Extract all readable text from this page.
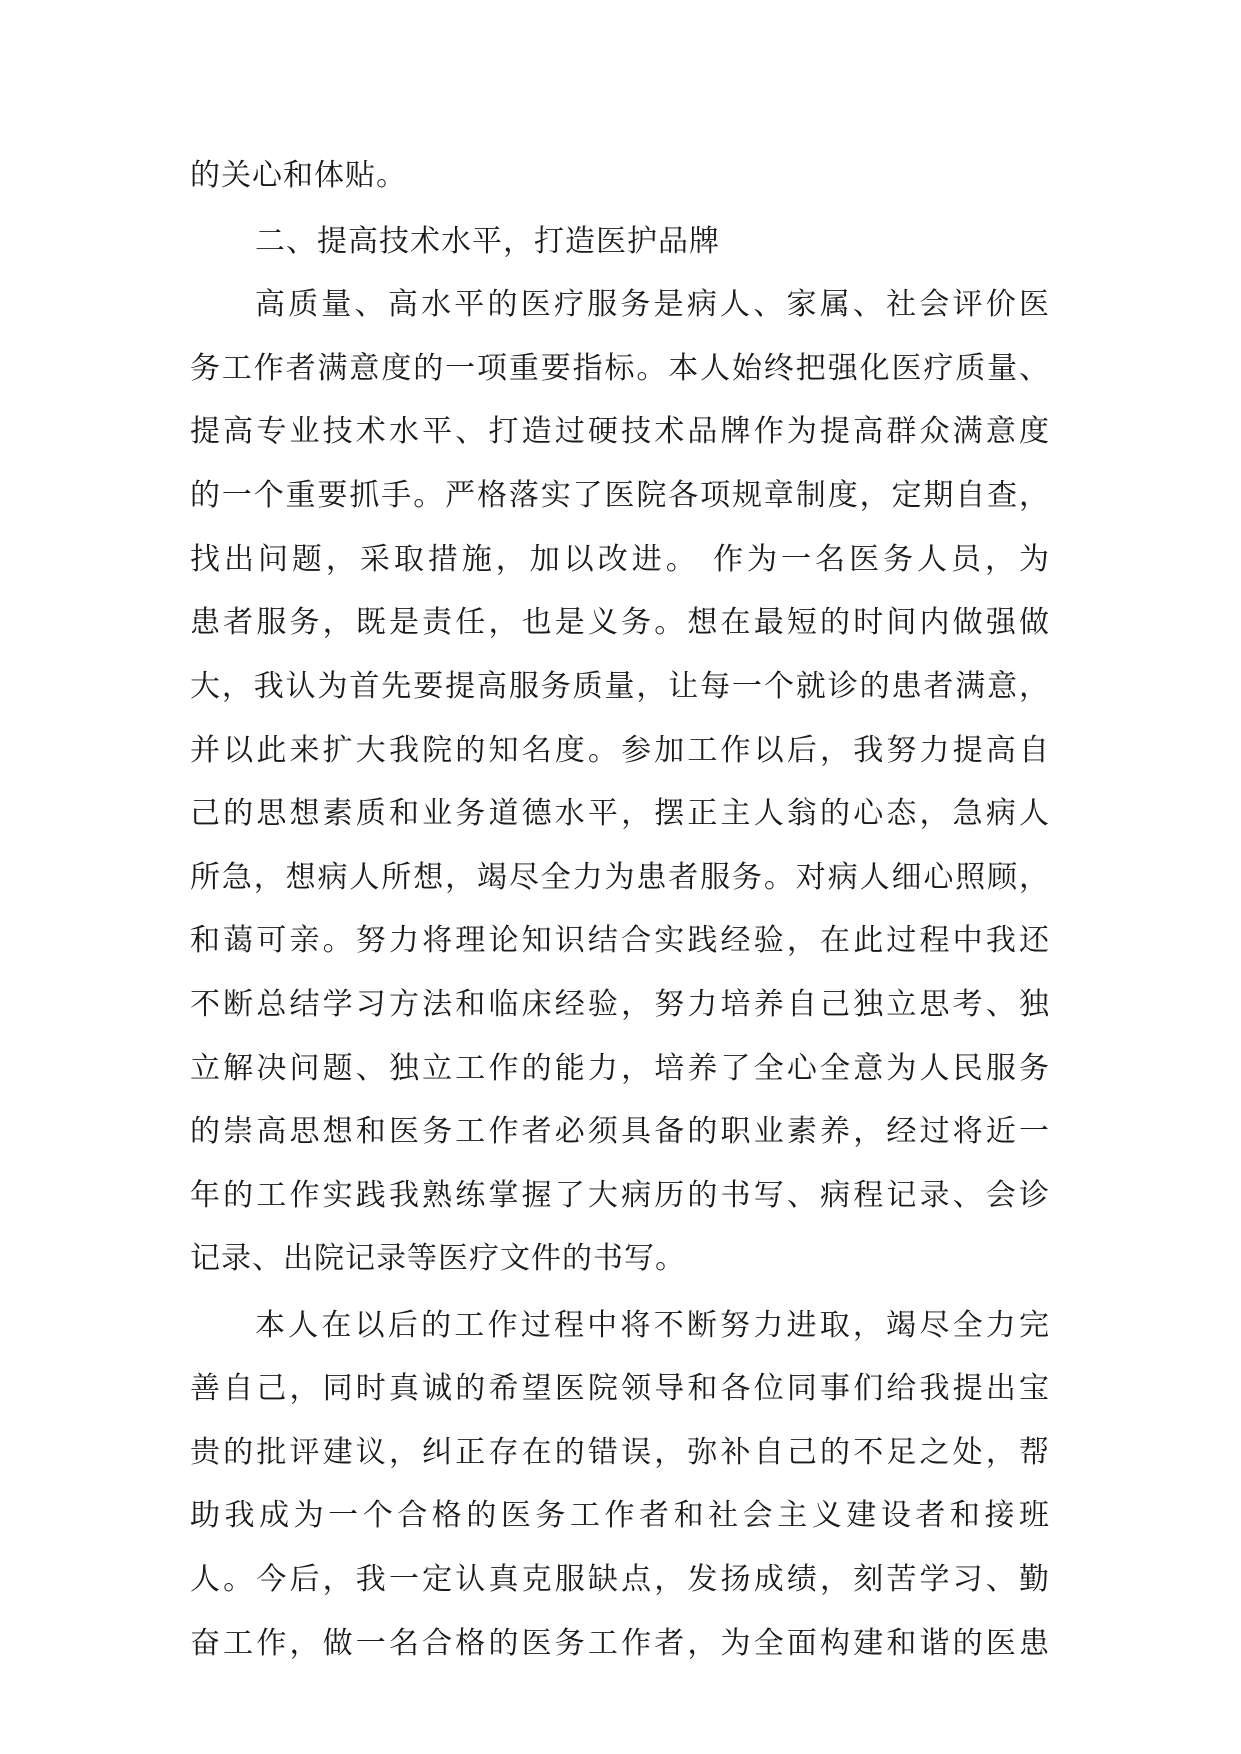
的关心和体贴。
二、提高技术水平，打造医护品牌
高质量、高水平的医疗服务是病人、家属、社会评价医
务工作者满意度的一项重要指标。本人始终把强化医疗质量、
提高专业技术水平、打造过硬技术品牌作为提高群众满意度
的一个重要抓手。严格落实了医院各项规章制度，定期自查，
找出问题，采取措施，加以改进。 作为一名医务人员，为
患者服务，既是责任，也是义务。想在最短的时间内做强做
大，我认为首先要提高服务质量，让每一个就诊的患者满意，
并以此来扩大我院的知名度。参加工作以后，我努力提高自
己的思想素质和业务道德水平，摆正主人翁的心态，急病人
所急，想病人所想，竭尽全力为患者服务。对病人细心照顾，
和蔼可亲。努力将理论知识结合实践经验，在此过程中我还
不断总结学习方法和临床经验，努力培养自己独立思考、独
立解决问题、独立工作的能力，培养了全心全意为人民服务
的崇高思想和医务工作者必须具备的职业素养，经过将近一
年的工作实践我熟练掌握了大病历的书写、病程记录、会诊
记录、出院记录等医疗文件的书写。
本人在以后的工作过程中将不断努力进取，竭尽全力完
善自己，同时真诚的希望医院领导和各位同事们给我提出宝
贵的批评建议，纠正存在的错误，弥补自己的不足之处，帮
助我成为一个合格的医务工作者和社会主义建设者和接班
人。今后，我一定认真克服缺点，发扬成绩，刻苦学习、勤
奋工作，做一名合格的医务工作者，为全面构建和谐的医患
